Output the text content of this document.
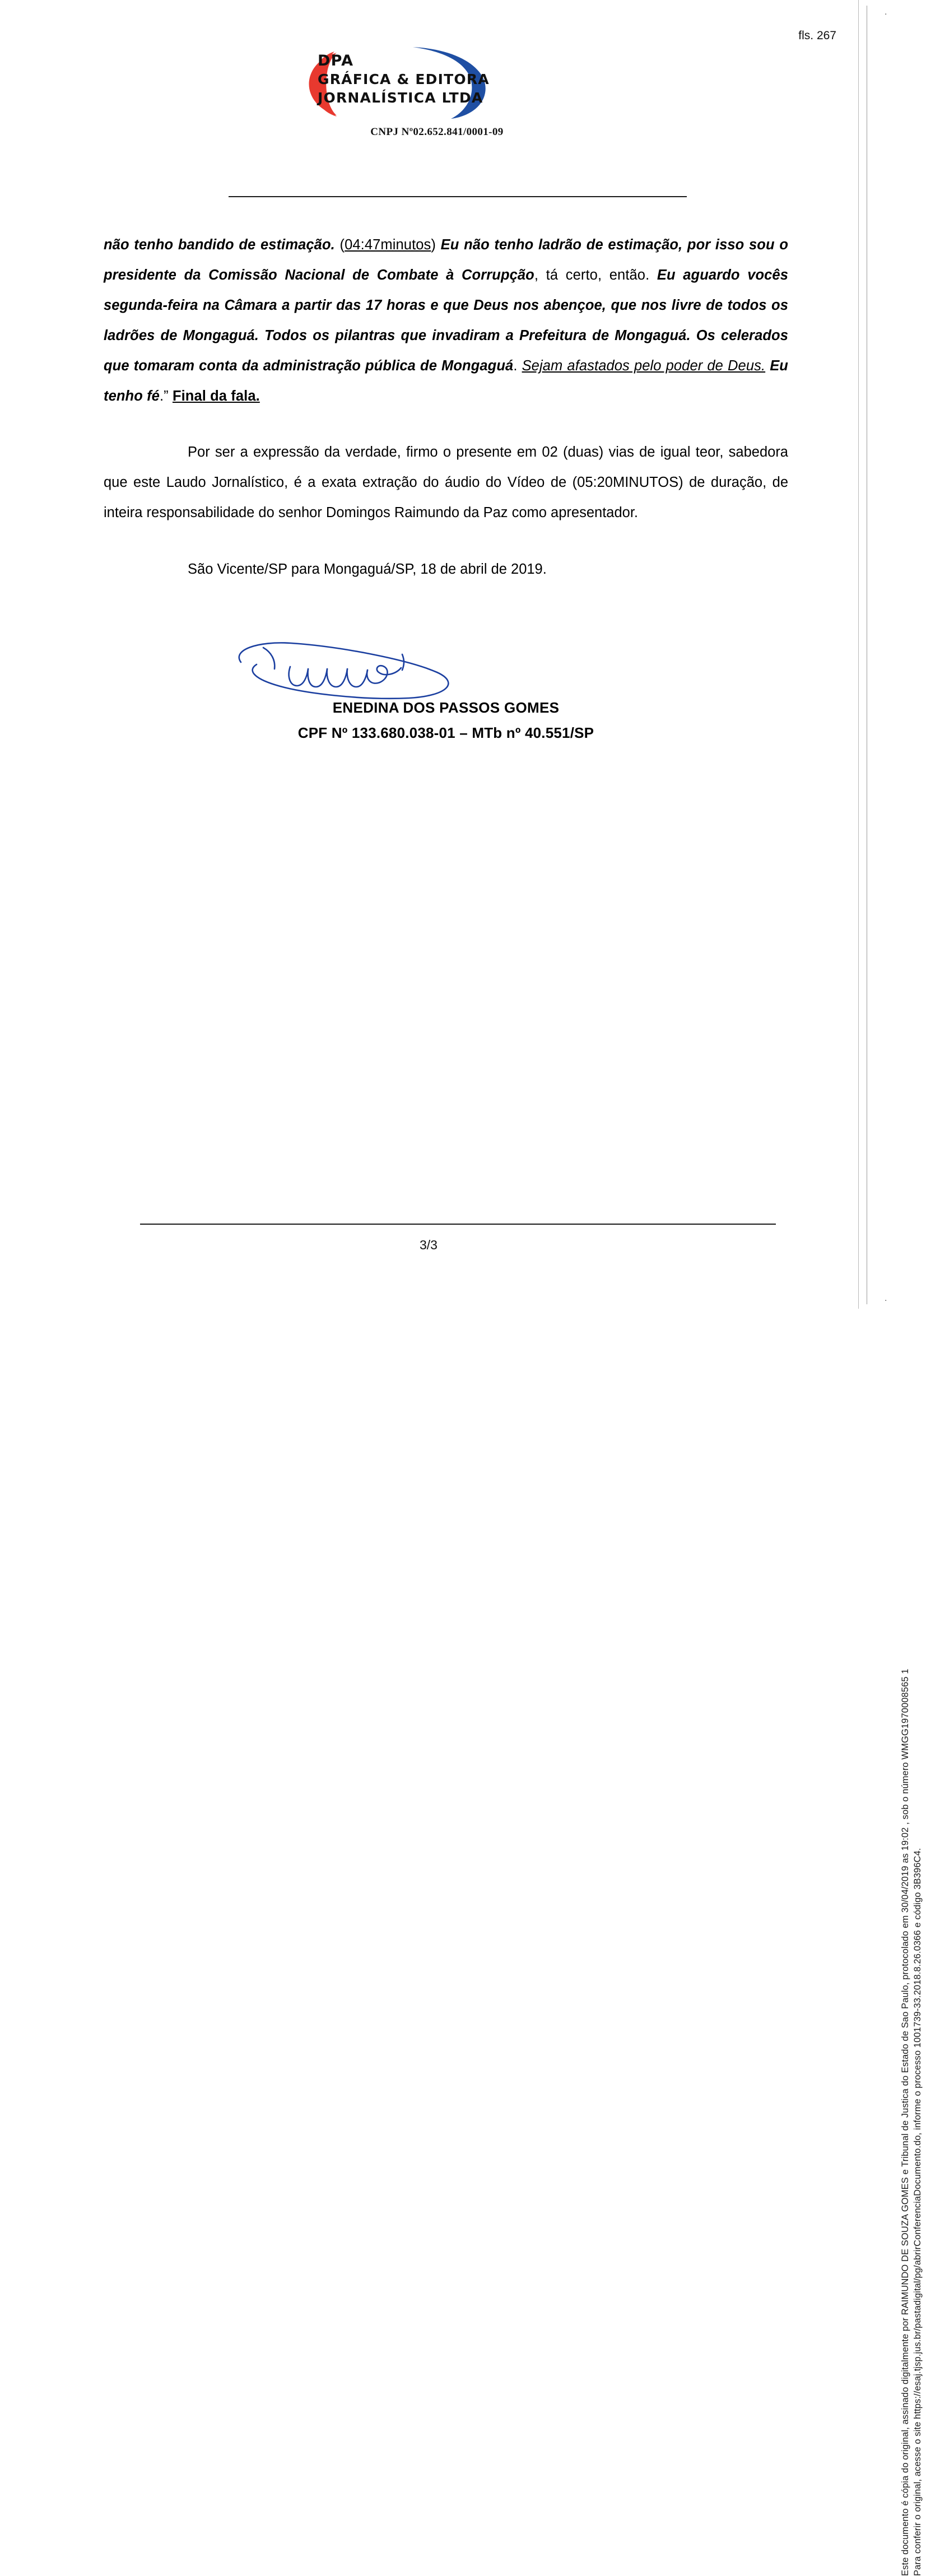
fls. 267
DPA
GRÁFICA & EDITORA
JORNALÍSTICA LTDA
CNPJ Nº02.652.841/0001-09

não tenho bandido de estimação. (04:47minutos) Eu não tenho ladrão de estimação, por isso sou o presidente da Comissão Nacional de Combate à Corrupção, tá certo, então. Eu aguardo vocês segunda-feira na Câmara a partir das 17 horas e que Deus nos abençoe, que nos livre de todos os ladrões de Mongaguá. Todos os pilantras que invadiram a Prefeitura de Mongaguá. Os celerados que tomaram conta da administração pública de Mongaguá. Sejam afastados pelo poder de Deus. Eu tenho fé.” Final da fala.

Por ser a expressão da verdade, firmo o presente em 02 (duas) vias de igual teor, sabedora que este Laudo Jornalístico, é a exata extração do áudio do Vídeo de (05:20MINUTOS) de duração, de inteira responsabilidade do senhor Domingos Raimundo da Paz como apresentador.

São Vicente/SP para Mongaguá/SP, 18 de abril de 2019.

ENEDINA DOS PASSOS GOMES

CPF Nº 133.680.038-01 – MTb nº 40.551/SP

3/3
.
.
Este documento é cópia do original, assinado digitalmente por RAIMUNDO DE SOUZA GOMES e Tribunal de Justica do Estado de Sao Paulo, protocolado em 30/04/2019 as 19:02 , sob o número WMGG1970008565 1 Para conferir o original, acesse o site https://esaj.tjsp.jus.br/pastadigital/pg/abrirConferenciaDocumento.do, informe o processo 1001739-33.2018.8.26.0366 e código 3B396C4.
